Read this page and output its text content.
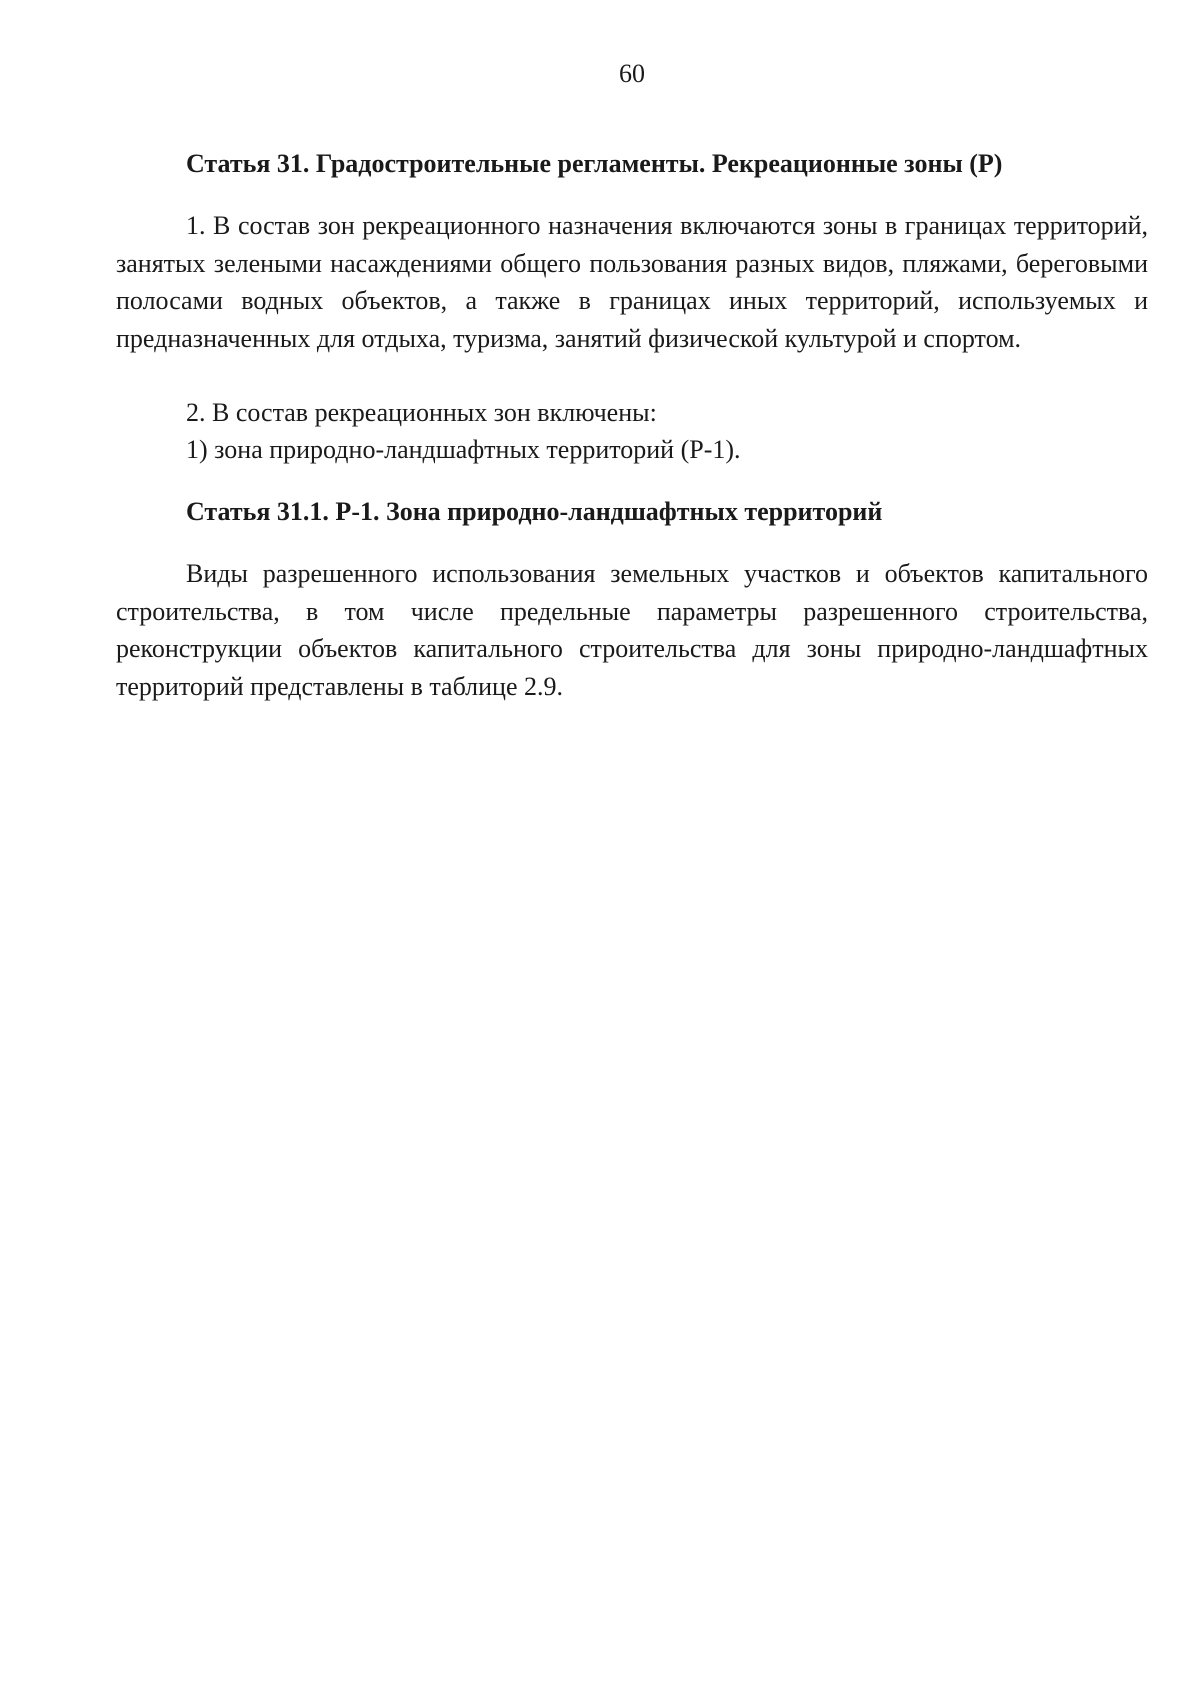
60
Статья 31. Градостроительные регламенты. Рекреационные зоны (Р)

1. В состав зон рекреационного назначения включаются зоны в границах территорий, занятых зелеными насаждениями общего пользования разных видов, пляжами, береговыми полосами водных объектов, а также в границах иных территорий, используемых и предназначенных для отдыха, туризма, занятий физической культурой и спортом.

2. В состав рекреационных зон включены:

1) зона природно-ландшафтных территорий (Р-1).

Статья 31.1. Р-1. Зона природно-ландшафтных территорий

Виды разрешенного использования земельных участков и объектов капитального строительства, в том числе предельные параметры разрешенного строительства, реконструкции объектов капитального строительства для зоны природно-ландшафтных территорий представлены в таблице 2.9.
